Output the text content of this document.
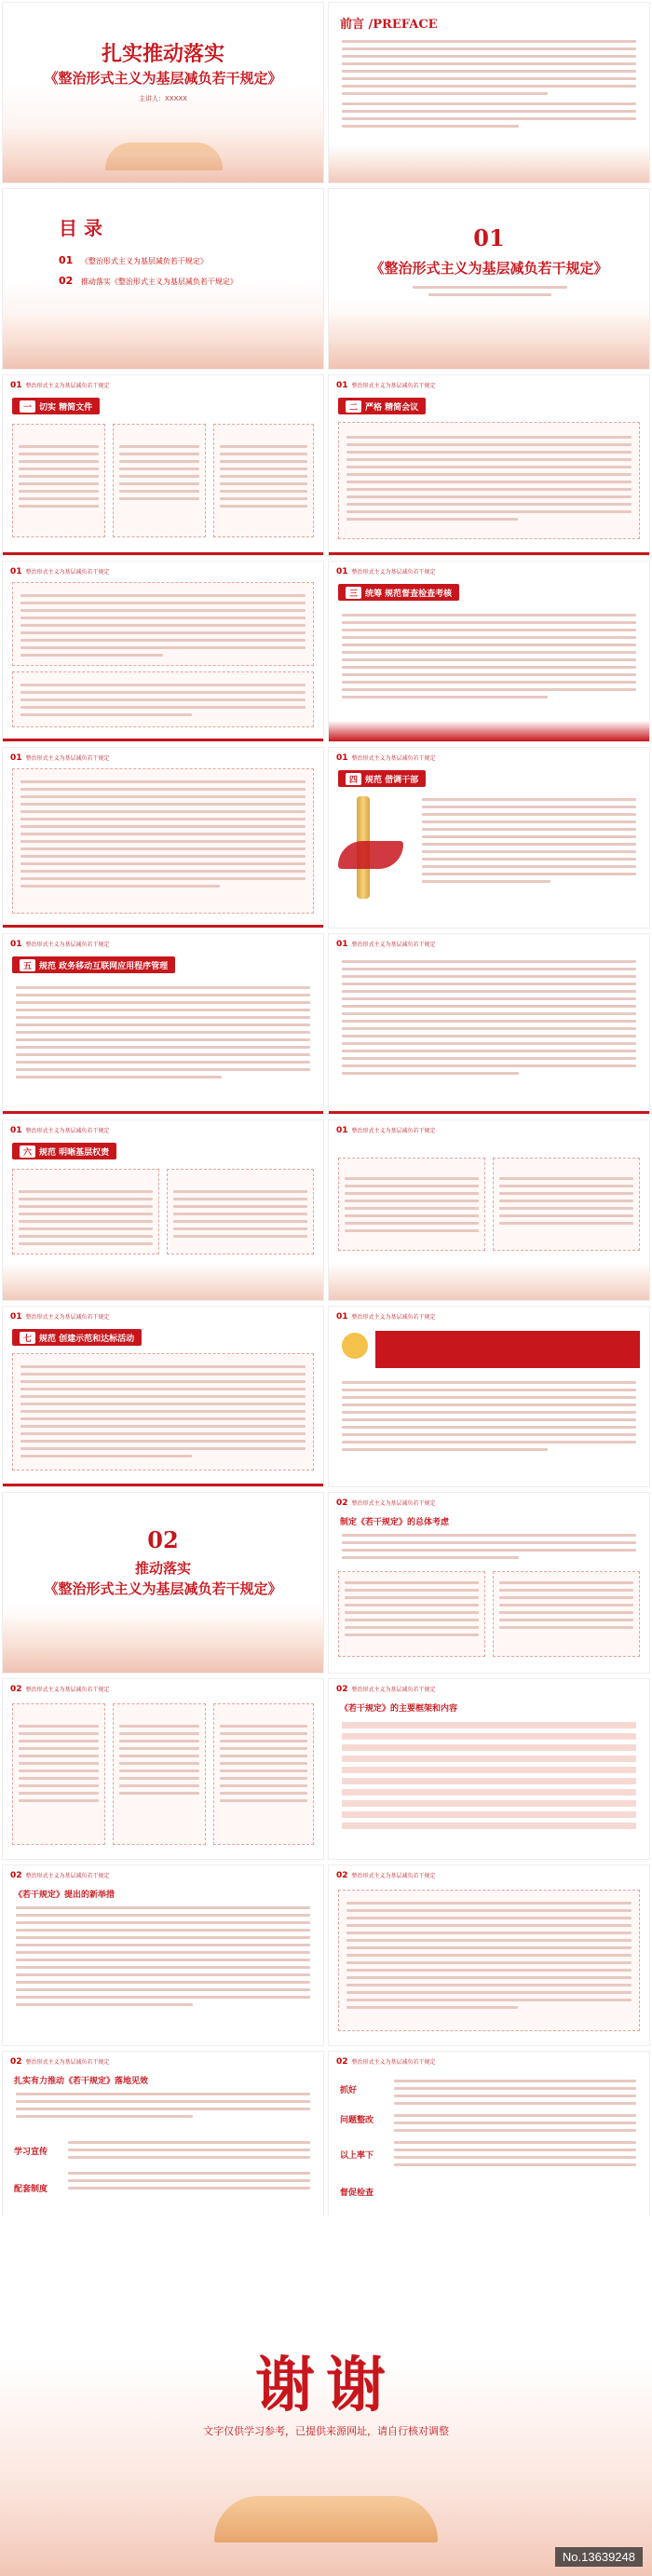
扎实推动落实
《整治形式主义为基层减负若干规定》
主讲人：XXXXX
前言 /PREFACE
目 录
01 《整治形式主义为基层减负若干规定》
02 推动落实《整治形式主义为基层减负若干规定》
01
《整治形式主义为基层减负若干规定》
01 整治形式主义为基层减负若干规定
一 切实 精简文件
01 整治形式主义为基层减负若干规定
二 严格 精简会议
01 整治形式主义为基层减负若干规定	01 整治形式主义为基层减负若干规定
三 统筹 规范督查检查考核
01 整治形式主义为基层减负若干规定	01 整治形式主义为基层减负若干规定
四 规范 借调干部
01 整治形式主义为基层减负若干规定
五 规范 政务移动互联网应用程序管理
01 整治形式主义为基层减负若干规定
01 整治形式主义为基层减负若干规定
六 规范 明晰基层权责
01 整治形式主义为基层减负若干规定
01 整治形式主义为基层减负若干规定
七 规范 创建示范和达标活动
01 整治形式主义为基层减负若干规定
02
推动落实
《整治形式主义为基层减负若干规定》
02 整治形式主义为基层减负若干规定
制定《若干规定》的总体考虑
02 整治形式主义为基层减负若干规定	02 整治形式主义为基层减负若干规定
《若干规定》的主要框架和内容
02 整治形式主义为基层减负若干规定
《若干规定》提出的新举措
02 整治形式主义为基层减负若干规定
02 整治形式主义为基层减负若干规定
扎实有力推动《若干规定》落地见效
学习宣传
配套制度
02 整治形式主义为基层减负若干规定
抓好
问题整改
以上率下
督促检查
谢谢
文字仅供学习参考，已提供来源网址，请自行核对调整
No.13639248
